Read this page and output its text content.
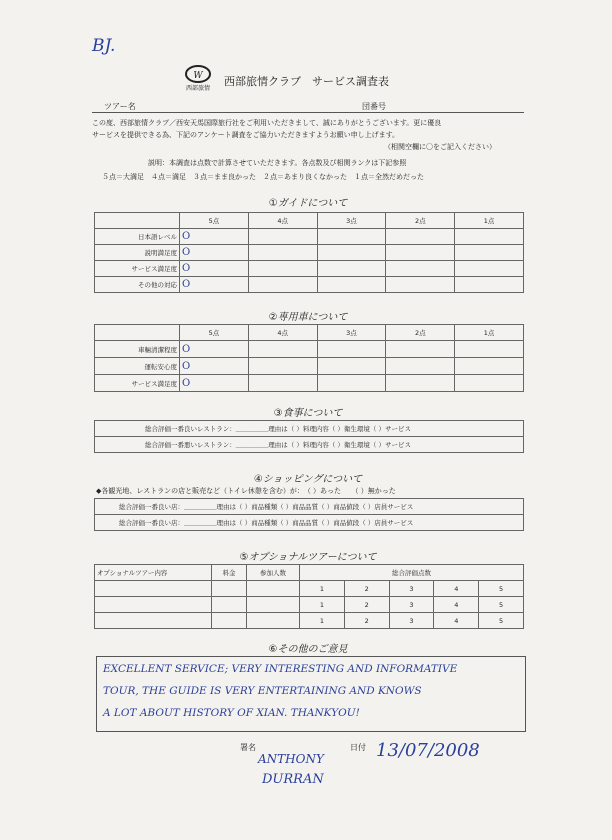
BJ.
W
西部旅情
西部旅情クラブ　サービス調査表
ツアー名	団番号
この度、西部旅情クラブ／西安天馬国際旅行社をご利用いただきまして、誠にありがとうございます。更に優良
サービスを提供できる為、下記のアンケート調査をご協力いただきますようお願い申し上げます。
（相関空欄に〇をご記入ください）
説明：本調査は点数で計算させていただきます。各点数及び相関ランクは下記参照
５点＝大満足　４点＝満足　３点＝まま良かった　２点＝あまり良くなかった　１点＝全然だめだった
①ガイドについて
	5点	4点	3点	2点	1点
日本語レベル	O				
説明満足度	O				
サービス満足度	O				
その他の対応	O				
②専用車について
	5点	4点	3点	2点	1点
車輛清潔程度	O				
運転安心度	O				
サービス満足度	O				
③食事について
総合評価一番良いレストラン：＿＿＿＿＿理由は（ ）料理内容（ ）衛生環境（ ）サービス
総合評価一番悪いレストラン：＿＿＿＿＿理由は（ ）料理内容（ ）衛生環境（ ）サービス
④ショッピングについて
◆各観光地、レストランの店と販売など（トイレ休憩を含む）が：　（ ）あった　　（ ）無かった
総合評価一番良い店：＿＿＿＿＿理由は（ ）商品種類（ ）商品品質（ ）商品値段（ ）店員サービス
総合評価一番良い店：＿＿＿＿＿理由は（ ）商品種類（ ）商品品質（ ）商品値段（ ）店員サービス
⑤オプショナルツアーについて
オプショナルツアー内容	料金	参加人数	総合評価点数				
			1	2	3	4	5
			1	2	3	4	5
			1	2	3	4	5
⑥その他のご意見
EXCELLENT SERVICE; VERY INTERESTING AND INFORMATIVE
TOUR, THE GUIDE IS VERY ENTERTAINING AND KNOWS
A LOT ABOUT HISTORY OF XIAN. THANKYOU!
署名
ANTHONY
DURRAN
日付 13/07/2008
